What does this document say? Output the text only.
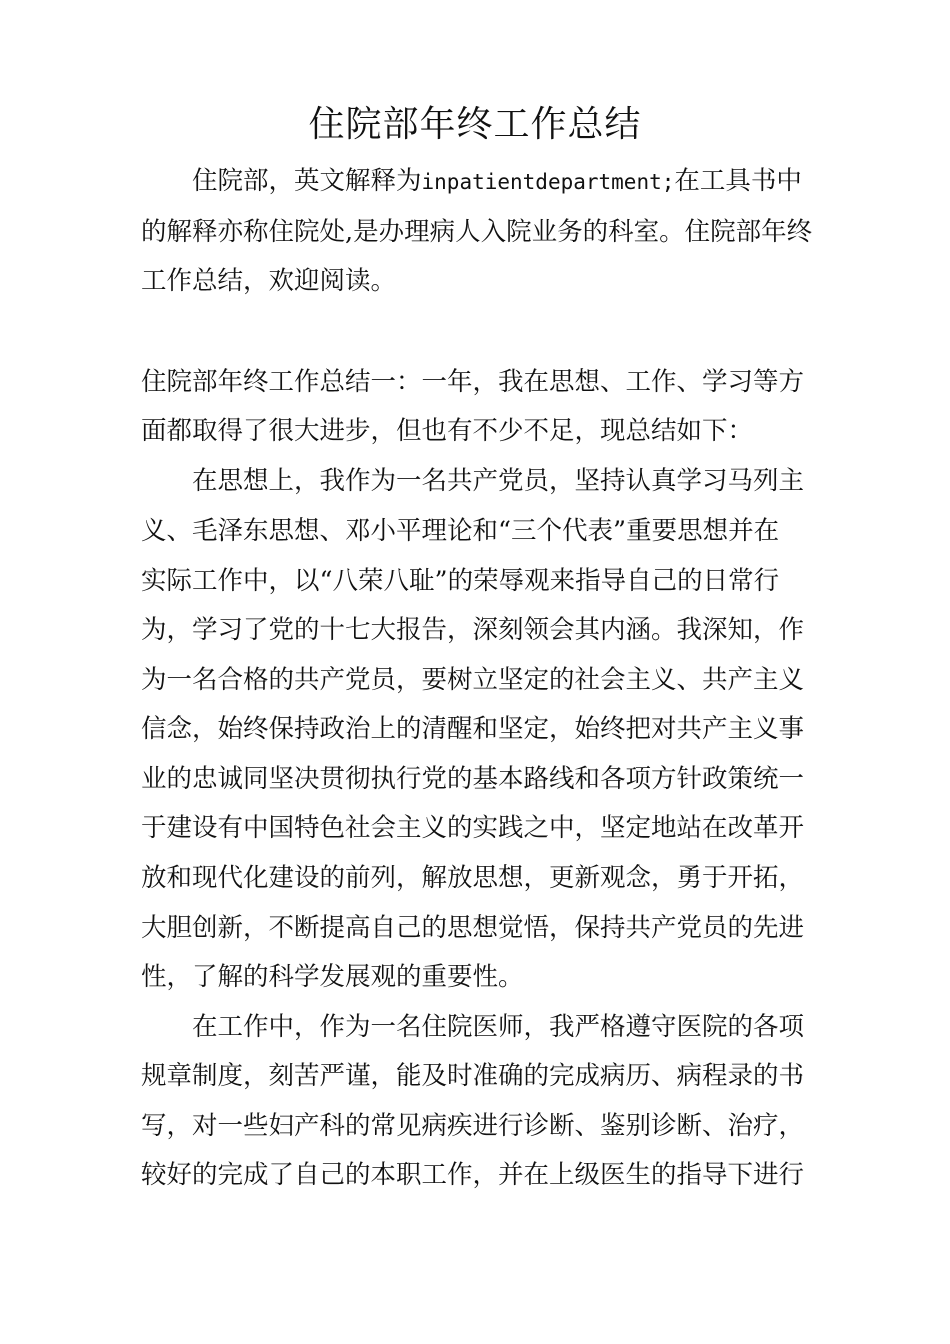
住院部年终工作总结
住院部，英文解释为inpatientdepartment;在工具书中
的解释亦称住院处,是办理病人入院业务的科室。住院部年终
工作总结，欢迎阅读。
住院部年终工作总结一：一年，我在思想、工作、学习等方
面都取得了很大进步，但也有不少不足，现总结如下：
在思想上，我作为一名共产党员，坚持认真学习马列主
义、毛泽东思想、邓小平理论和“三个代表”重要思想并在
实际工作中，以“八荣八耻”的荣辱观来指导自己的日常行
为，学习了党的十七大报告，深刻领会其内涵。我深知，作
为一名合格的共产党员，要树立坚定的社会主义、共产主义
信念，始终保持政治上的清醒和坚定，始终把对共产主义事
业的忠诚同坚决贯彻执行党的基本路线和各项方针政策统一
于建设有中国特色社会主义的实践之中，坚定地站在改革开
放和现代化建设的前列，解放思想，更新观念，勇于开拓，
大胆创新，不断提高自己的思想觉悟，保持共产党员的先进
性，了解的科学发展观的重要性。
在工作中，作为一名住院医师，我严格遵守医院的各项
规章制度，刻苦严谨，能及时准确的完成病历、病程录的书
写，对一些妇产科的常见病疾进行诊断、鉴别诊断、治疗，
较好的完成了自己的本职工作，并在上级医生的指导下进行
